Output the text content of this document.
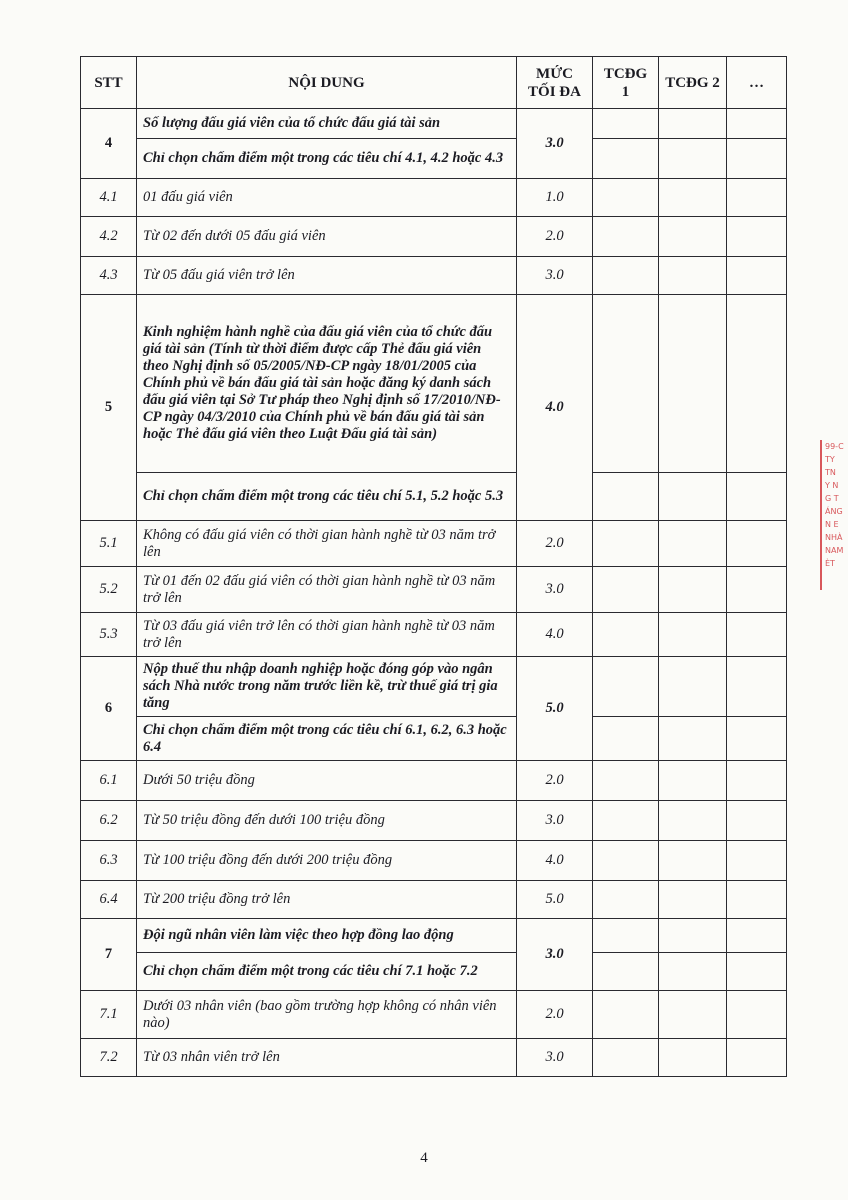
STT	NỘI DUNG	MỨC TỐI ĐA	TCĐG 1	TCĐG 2	…
4	Số lượng đấu giá viên của tổ chức đấu giá tài sản	3.0			
	Chỉ chọn chấm điểm một trong các tiêu chí 4.1, 4.2 hoặc 4.3				
4.1	01 đấu giá viên	1.0			
4.2	Từ 02 đến dưới 05 đấu giá viên	2.0			
4.3	Từ 05 đấu giá viên trở lên	3.0			
5	Kinh nghiệm hành nghề của đấu giá viên của tổ chức đấu giá tài sản (Tính từ thời điểm được cấp Thẻ đấu giá viên theo Nghị định số 05/2005/NĐ-CP ngày 18/01/2005 của Chính phủ về bán đấu giá tài sản hoặc đăng ký danh sách đấu giá viên tại Sở Tư pháp theo Nghị định số 17/2010/NĐ-CP ngày 04/3/2010 của Chính phủ về bán đấu giá tài sản hoặc Thẻ đấu giá viên theo Luật Đấu giá tài sản)	4.0			
	Chỉ chọn chấm điểm một trong các tiêu chí 5.1, 5.2 hoặc 5.3				
5.1	Không có đấu giá viên có thời gian hành nghề từ 03 năm trở lên	2.0			
5.2	Từ 01 đến 02 đấu giá viên có thời gian hành nghề từ 03 năm trở lên	3.0			
5.3	Từ 03 đấu giá viên trở lên có thời gian hành nghề từ 03 năm trở lên	4.0			
6	Nộp thuế thu nhập doanh nghiệp hoặc đóng góp vào ngân sách Nhà nước trong năm trước liền kề, trừ thuế giá trị gia tăng	5.0			
	Chỉ chọn chấm điểm một trong các tiêu chí 6.1, 6.2, 6.3 hoặc 6.4				
6.1	Dưới 50 triệu đồng	2.0			
6.2	Từ 50 triệu đồng đến dưới 100 triệu đồng	3.0			
6.3	Từ 100 triệu đồng đến dưới 200 triệu đồng	4.0			
6.4	Từ 200 triệu đồng trở lên	5.0			
7	Đội ngũ nhân viên làm việc theo hợp đồng lao động	3.0			
	Chỉ chọn chấm điểm một trong các tiêu chí 7.1 hoặc 7.2				
7.1	Dưới 03 nhân viên (bao gồm trường hợp không có nhân viên nào)	2.0			
7.2	Từ 03 nhân viên trở lên	3.0			
4
99-C
TY TN
Y N
G T
ÁNG
N E
NHÀ
NAM
ÈT
